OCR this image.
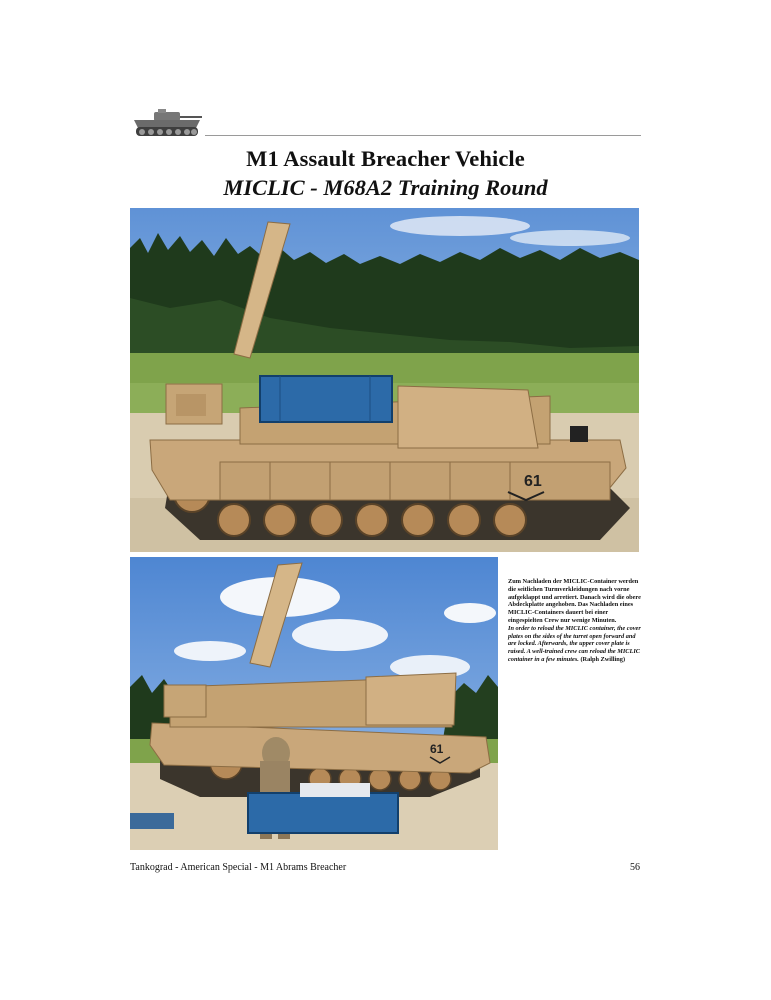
M1 Assault Breacher Vehicle
MICLIC - M68A2 Training Round
61
61

Zum Nachladen der MICLIC-Container werden die seitlichen Turmverkleidungen nach vorne aufgeklappt und arretiert. Danach wird die obere Abdeckplatte angehoben. Das Nachladen eines MICLIC-Containers dauert bei einer eingespielten Crew nur wenige Minuten.

In order to reload the MICLIC container, the cover plates on the sides of the turret open forward and are locked. Afterwards, the upper cover plate is raised. A well-trained crew can reload the MICLIC container in a few minutes. (Ralph Zwilling)

Tankograd - American Special - M1 Abrams Breacher	56
